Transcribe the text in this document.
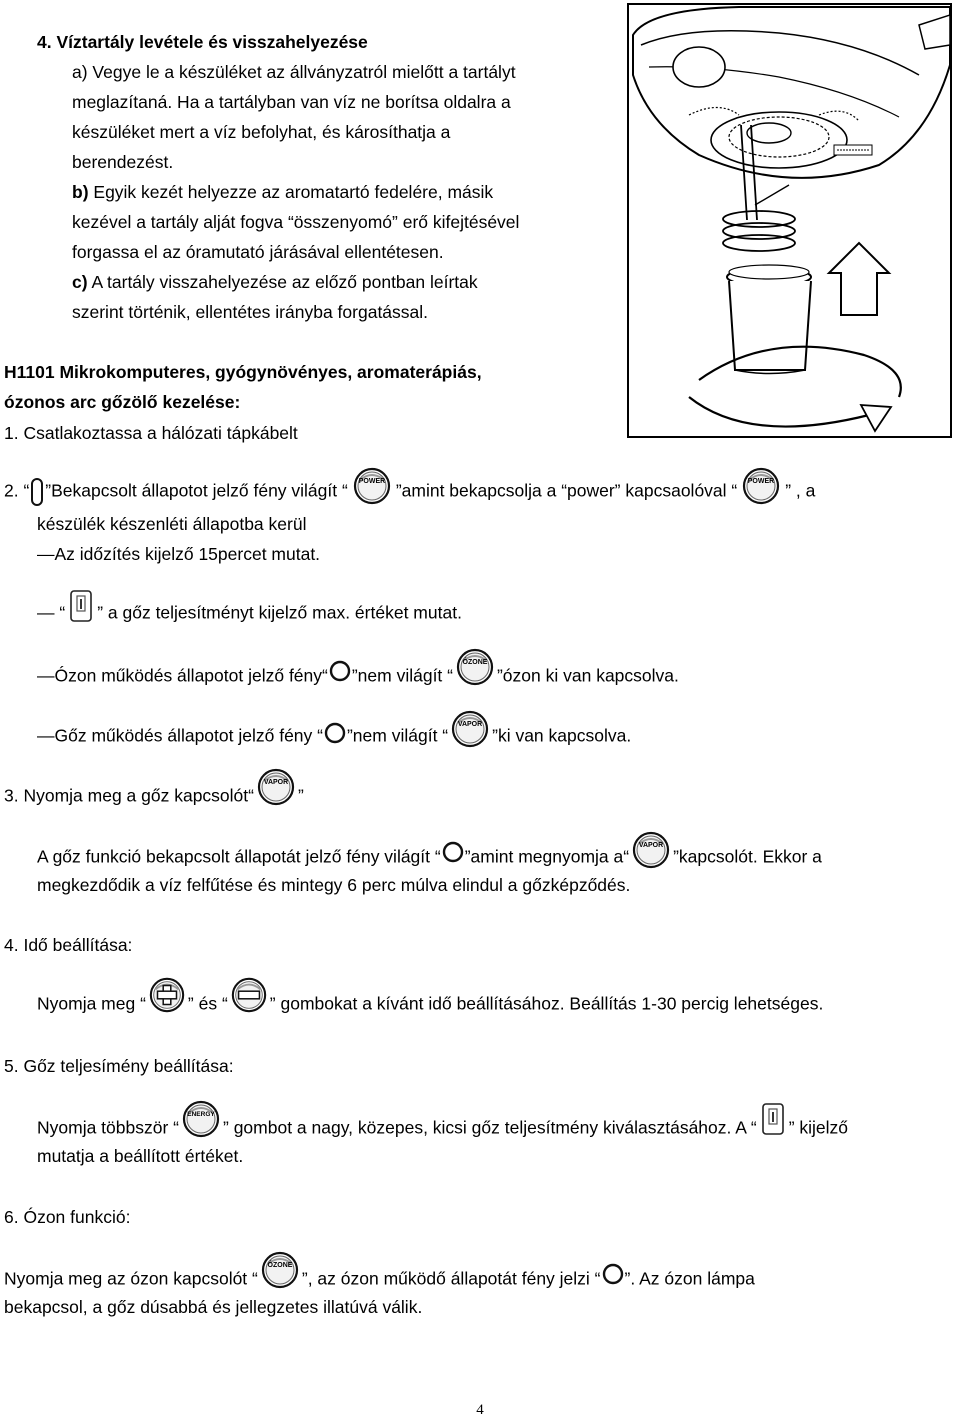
4. Víztartály levétele és visszahelyezése
a) Vegye le a készüléket az állványzatról mielőtt a tartályt
meglazítaná. Ha a tartályban van víz ne borítsa oldalra a
készüléket mert a víz befolyhat, és károsíthatja a
berendezést.
b) Egyik kezét helyezze az aromatartó fedelére, másik
kezével a tartály alját fogva “összenyomó” erő kifejtésével
forgassa el az óramutató járásával ellentétesen.
c) A tartály visszahelyezése az előző pontban leírtak
szerint történik, ellentétes irányba forgatással.
H1101 Mikrokomputeres, gyógynövényes, aromaterápiás,
ózonos arc gőzölő kezelése:
1. Csatlakoztassa a hálózati tápkábelt
2. “ ”Bekapcsolt állapotot jelző fény világít “ POWER ”amint bekapcsolja a “power” kapcsaolóval “ POWER ” , a
készülék készenléti állapotba kerül
—Az időzítés kijelző 15percet mutat.
— “ ” a gőz teljesítményt kijelző max. értéket mutat.
—Ózon működés állapotot jelző fény“ ”nem világít “
ÓZONE
”ózon ki van kapcsolva.
—Gőz működés állapotot jelző fény “ ”nem világít “
VAPOR
”ki van kapcsolva.
3. Nyomja meg a gőz kapcsolót“
VAPOR
”
A gőz funkció bekapcsolt állapotát jelző fény világít “ ”amint megnyomja a“
VAPOR
”kapcsolót. Ekkor a
megkezdődik a víz felfűtése és mintegy 6 perc múlva elindul a gőzképződés.
4. Idő beállítása:
Nyomja meg “ ” és “ ” gombokat a kívánt idő beállításához. Beállítás 1-30 percig lehetséges.
5. Gőz teljesímény beállítása:
Nyomja többször “
ENERGY
” gombot a nagy, közepes, kicsi gőz teljesítmény kiválasztásához. A “ ” kijelző
mutatja a beállított értéket.
6. Ózon funkció:
Nyomja meg az ózon kapcsolót “
ÓZONE
”, az ózon működő állapotát fény jelzi “ ”. Az ózon lámpa
bekapcsol, a gőz dúsabbá és jellegzetes illatúvá válik.
4
